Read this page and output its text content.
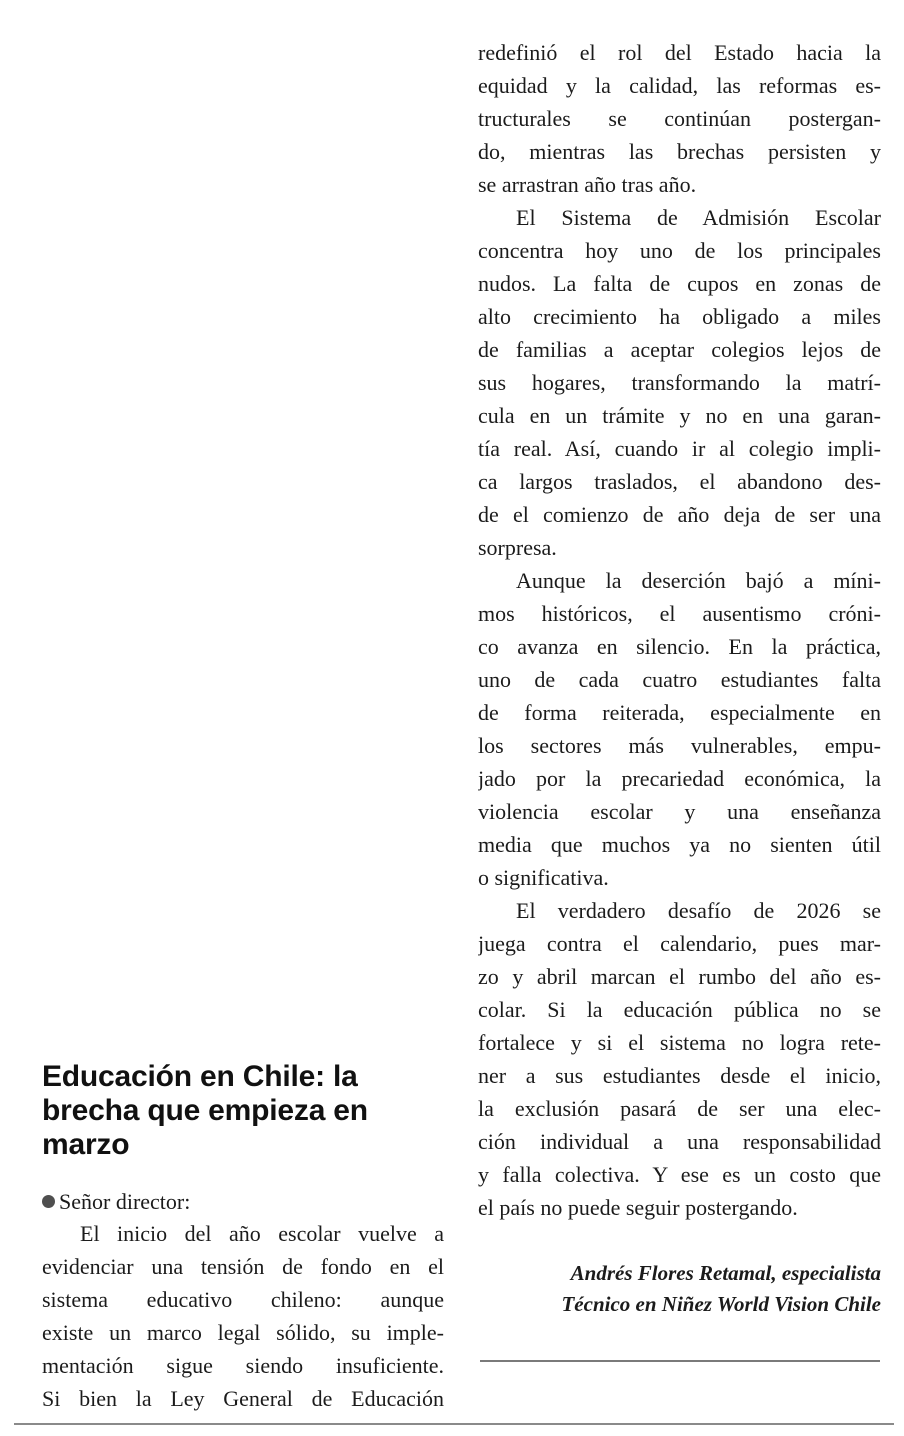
Educación en Chile: la brecha que empieza en marzo

Señor director:

El inicio del año escolar vuelve a
evidenciar una tensión de fondo en el
sistema educativo chileno: aunque
existe un marco legal sólido, su imple-
mentación sigue siendo insuficiente.
Si bien la Ley General de Educación
redefinió el rol del Estado hacia la
equidad y la calidad, las reformas es-
tructurales se continúan postergan-
do, mientras las brechas persisten y
se arrastran año tras año.
El Sistema de Admisión Escolar
concentra hoy uno de los principales
nudos. La falta de cupos en zonas de
alto crecimiento ha obligado a miles
de familias a aceptar colegios lejos de
sus hogares, transformando la matrí-
cula en un trámite y no en una garan-
tía real. Así, cuando ir al colegio impli-
ca largos traslados, el abandono des-
de el comienzo de año deja de ser una
sorpresa.
Aunque la deserción bajó a míni-
mos históricos, el ausentismo cróni-
co avanza en silencio. En la práctica,
uno de cada cuatro estudiantes falta
de forma reiterada, especialmente en
los sectores más vulnerables, empu-
jado por la precariedad económica, la
violencia escolar y una enseñanza
media que muchos ya no sienten útil
o significativa.
El verdadero desafío de 2026 se
juega contra el calendario, pues mar-
zo y abril marcan el rumbo del año es-
colar. Si la educación pública no se
fortalece y si el sistema no logra rete-
ner a sus estudiantes desde el inicio,
la exclusión pasará de ser una elec-
ción individual a una responsabilidad
y falla colectiva. Y ese es un costo que
el país no puede seguir postergando.
Andrés Flores Retamal, especialista
Técnico en Niñez World Vision Chile
